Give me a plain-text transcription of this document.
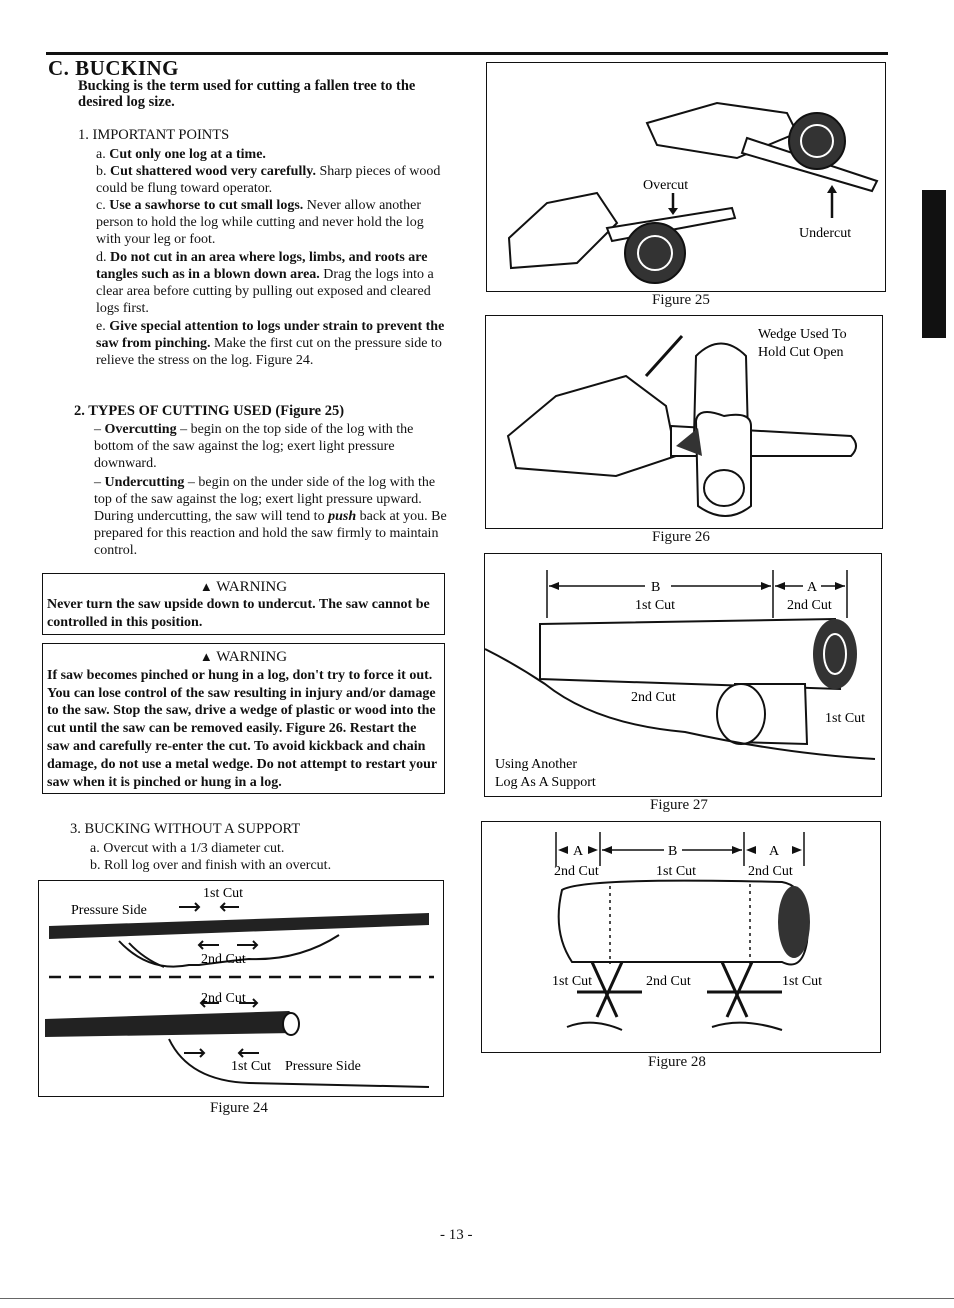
C. BUCKING
Bucking is the term used for cutting a fallen tree to the desired log size.
1. IMPORTANT POINTS
a. Cut only one log at a time.
b. Cut shattered wood very carefully. Sharp pieces of wood could be flung toward operator.
c. Use a sawhorse to cut small logs. Never allow another person to hold the log while cutting and never hold the log with your leg or foot.
d. Do not cut in an area where logs, limbs, and roots are tangles such as in a blown down area. Drag the logs into a clear area before cutting by pulling out exposed and cleared logs first.
e. Give special attention to logs under strain to prevent the saw from pinching. Make the first cut on the pressure side to relieve the stress on the log. Figure 24.
2. TYPES OF CUTTING USED (Figure 25)
– Overcutting – begin on the top side of the log with the bottom of the saw against the log; exert light pressure downward.
– Undercutting – begin on the under side of the log with the top of the saw against the log; exert light pressure upward. During undercutting, the saw will tend to push back at you. Be prepared for this reaction and hold the saw firmly to maintain control.
▲ WARNING
Never turn the saw upside down to undercut. The saw cannot be controlled in this position.
▲ WARNING
If saw becomes pinched or hung in a log, don't try to force it out. You can lose control of the saw resulting in injury and/or damage to the saw. Stop the saw, drive a wedge of plastic or wood into the cut until the saw can be removed easily. Figure 26. Restart the saw and carefully re-enter the cut. To avoid kickback and chain damage, do not use a metal wedge. Do not attempt to restart your saw when it is pinched or hung in a log.
3. BUCKING WITHOUT A SUPPORT
a. Overcut with a 1/3 diameter cut.
b. Roll log over and finish with an overcut.
1st Cut
Pressure Side
2nd Cut
2nd Cut
1st Cut Pressure Side
Figure 24
Overcut
Undercut
Figure 25
Wedge Used To
Hold Cut Open
Figure 26
B	A
1st Cut	2nd Cut
2nd Cut
1st Cut
Using Another
Log As A Support
Figure 27
A	B	A
2nd Cut	1st Cut	2nd Cut
1st Cut	2nd Cut	1st Cut
Figure 28
- 13 -
